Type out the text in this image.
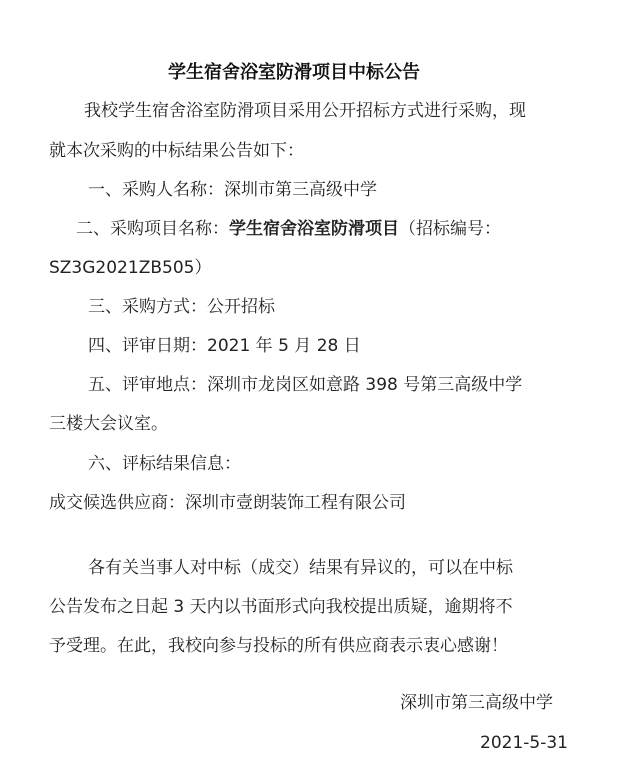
学生宿舍浴室防滑项目中标公告

我校学生宿舍浴室防滑项目采用公开招标方式进行采购，现

就本次采购的中标结果公告如下：

一、采购人名称：深圳市第三高级中学

二、采购项目名称：学生宿舍浴室防滑项目（招标编号：

SZ3G2021ZB505）

三、采购方式：公开招标

四、评审日期：2021 年 5 月 28 日

五、评审地点：深圳市龙岗区如意路 398 号第三高级中学

三楼大会议室。

六、评标结果信息：

成交候选供应商：深圳市壹朗装饰工程有限公司

各有关当事人对中标（成交）结果有异议的，可以在中标

公告发布之日起 3 天内以书面形式向我校提出质疑，逾期将不

予受理。在此，我校向参与投标的所有供应商表示衷心感谢！

深圳市第三高级中学

2021-5-31
